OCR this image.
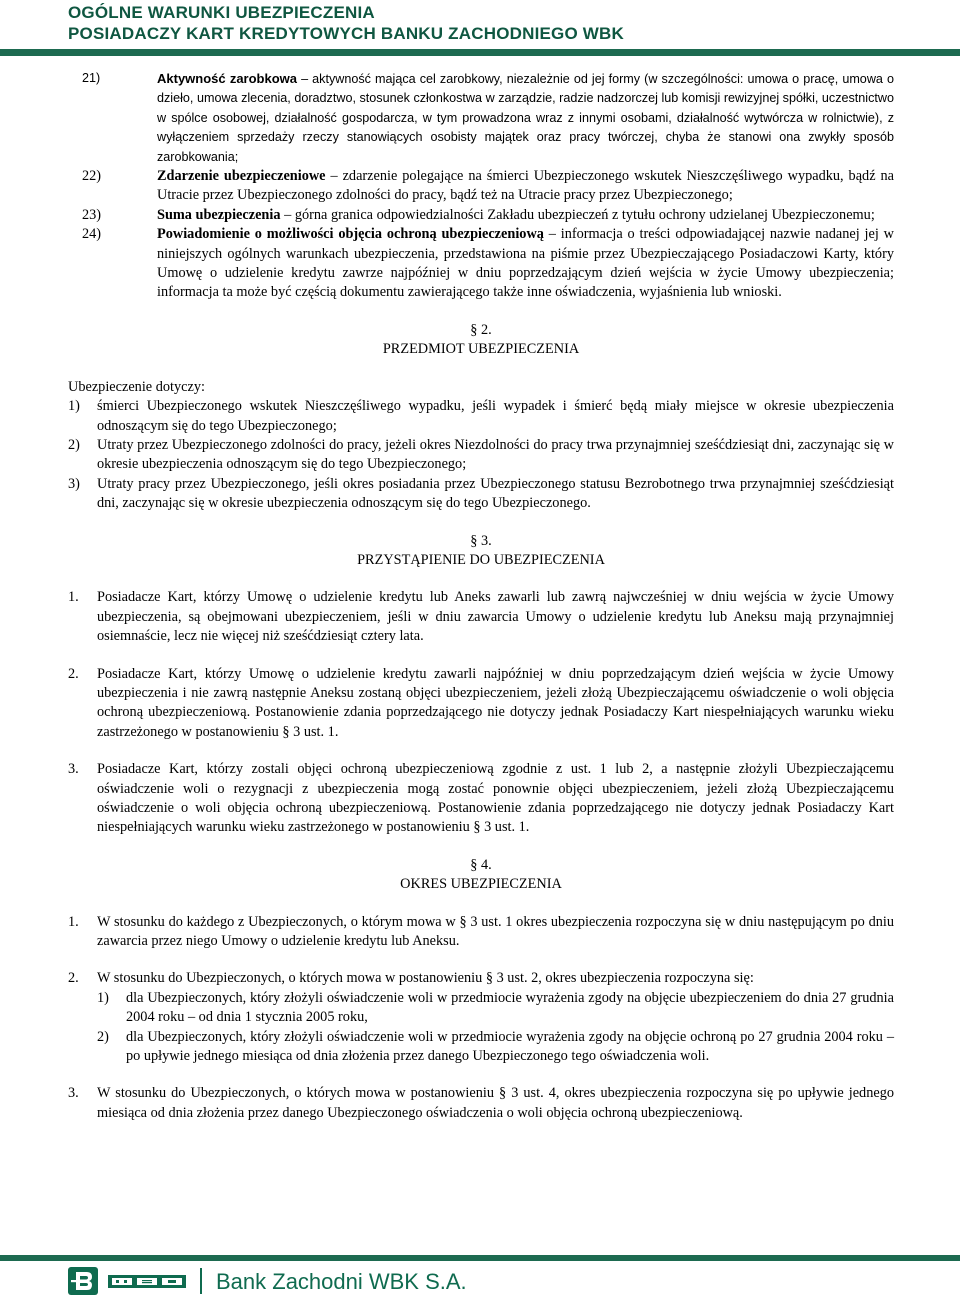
OGÓLNE WARUNKI UBEZPIECZENIA
POSIADACZY KART KREDYTOWYCH BANKU ZACHODNIEGO WBK
21)	Aktywność zarobkowa – aktywność mająca cel zarobkowy, niezależnie od jej formy (w szczególności: umowa o pracę, umowa o dzieło, umowa zlecenia, doradztwo, stosunek członkostwa w zarządzie, radzie nadzorczej lub komisji rewizyjnej spółki, uczestnictwo w spólce osobowej, działalność gospodarcza, w tym prowadzona wraz z innymi osobami, działalność wytwórcza w rolnictwie), z wyłączeniem sprzedaży rzeczy stanowiących osobisty majątek oraz pracy twórczej, chyba że stanowi ona zwykły sposób zarobkowania;
22)	Zdarzenie ubezpieczeniowe – zdarzenie polegające na śmierci Ubezpieczonego wskutek Nieszczęśliwego wypadku, bądź na Utracie przez Ubezpieczonego zdolności do pracy, bądź też na Utracie pracy przez Ubezpieczonego;
23)	Suma ubezpieczenia – górna granica odpowiedzialności Zakładu ubezpieczeń z tytułu ochrony udzielanej Ubezpieczonemu;
24)	Powiadomienie o możliwości objęcia ochroną ubezpieczeniową – informacja o treści odpowiadającej nazwie nadanej jej w niniejszych ogólnych warunkach ubezpieczenia, przedstawiona na piśmie przez Ubezpieczającego Posiadaczowi Karty, który Umowę o udzielenie kredytu zawrze najpóźniej w dniu poprzedzającym dzień wejścia w życie Umowy ubezpieczenia; informacja ta może być częścią dokumentu zawierającego także inne oświadczenia, wyjaśnienia lub wnioski.
§ 2.
PRZEDMIOT UBEZPIECZENIA

Ubezpieczenie dotyczy:

1) śmierci Ubezpieczonego wskutek Nieszczęśliwego wypadku, jeśli wypadek i śmierć będą miały miejsce w okresie ubezpieczenia odnoszącym się do tego Ubezpieczonego;
2) Utraty przez Ubezpieczonego zdolności do pracy, jeżeli okres Niezdolności do pracy trwa przynajmniej sześćdziesiąt dni, zaczynając się w okresie ubezpieczenia odnoszącym się do tego Ubezpieczonego;
3) Utraty pracy przez Ubezpieczonego, jeśli okres posiadania przez Ubezpieczonego statusu Bezrobotnego trwa przynajmniej sześćdziesiąt dni, zaczynając się w okresie ubezpieczenia odnoszącym się do tego Ubezpieczonego.
§ 3.
PRZYSTĄPIENIE DO UBEZPIECZENIA
1. Posiadacze Kart, którzy Umowę o udzielenie kredytu lub Aneks zawarli lub zawrą najwcześniej w dniu wejścia w życie Umowy ubezpieczenia, są obejmowani ubezpieczeniem, jeśli w dniu zawarcia Umowy o udzielenie kredytu lub Aneksu mają przynajmniej osiemnaście, lecz nie więcej niż sześćdziesiąt cztery lata.
2. Posiadacze Kart, którzy Umowę o udzielenie kredytu zawarli najpóźniej w dniu poprzedzającym dzień wejścia w życie Umowy ubezpieczenia i nie zawrą następnie Aneksu zostaną objęci ubezpieczeniem, jeżeli złożą Ubezpieczającemu oświadczenie o woli objęcia ochroną ubezpieczeniową. Postanowienie zdania poprzedzającego nie dotyczy jednak Posiadaczy Kart niespełniających warunku wieku zastrzeżonego w postanowieniu § 3 ust. 1.
3. Posiadacze Kart, którzy zostali objęci ochroną ubezpieczeniową zgodnie z ust. 1 lub 2, a następnie złożyli Ubezpieczającemu oświadczenie woli o rezygnacji z ubezpieczenia mogą zostać ponownie objęci ubezpieczeniem, jeżeli złożą Ubezpieczającemu oświadczenie o woli objęcia ochroną ubezpieczeniową. Postanowienie zdania poprzedzającego nie dotyczy jednak Posiadaczy Kart niespełniających warunku wieku zastrzeżonego w postanowieniu § 3 ust. 1.
§ 4.
OKRES UBEZPIECZENIA
1. W stosunku do każdego z Ubezpieczonych, o którym mowa w § 3 ust. 1 okres ubezpieczenia rozpoczyna się w dniu następującym po dniu zawarcia przez niego Umowy o udzielenie kredytu lub Aneksu.
2. W stosunku do Ubezpieczonych, o których mowa w postanowieniu § 3 ust. 2, okres ubezpieczenia rozpoczyna się:
1) dla Ubezpieczonych, który złożyli oświadczenie woli w przedmiocie wyrażenia zgody na objęcie ubezpieczeniem do dnia 27 grudnia 2004 roku – od dnia 1 stycznia 2005 roku,
2) dla Ubezpieczonych, który złożyli oświadczenie woli w przedmiocie wyrażenia zgody na objęcie ochroną po 27 grudnia 2004 roku – po upływie jednego miesiąca od dnia złożenia przez danego Ubezpieczonego tego oświadczenia woli.
3. W stosunku do Ubezpieczonych, o których mowa w postanowieniu § 3 ust. 4, okres ubezpieczenia rozpoczyna się po upływie jednego miesiąca od dnia złożenia przez danego Ubezpieczonego oświadczenia o woli objęcia ochroną ubezpieczeniową.
Bank Zachodni WBK S.A.
